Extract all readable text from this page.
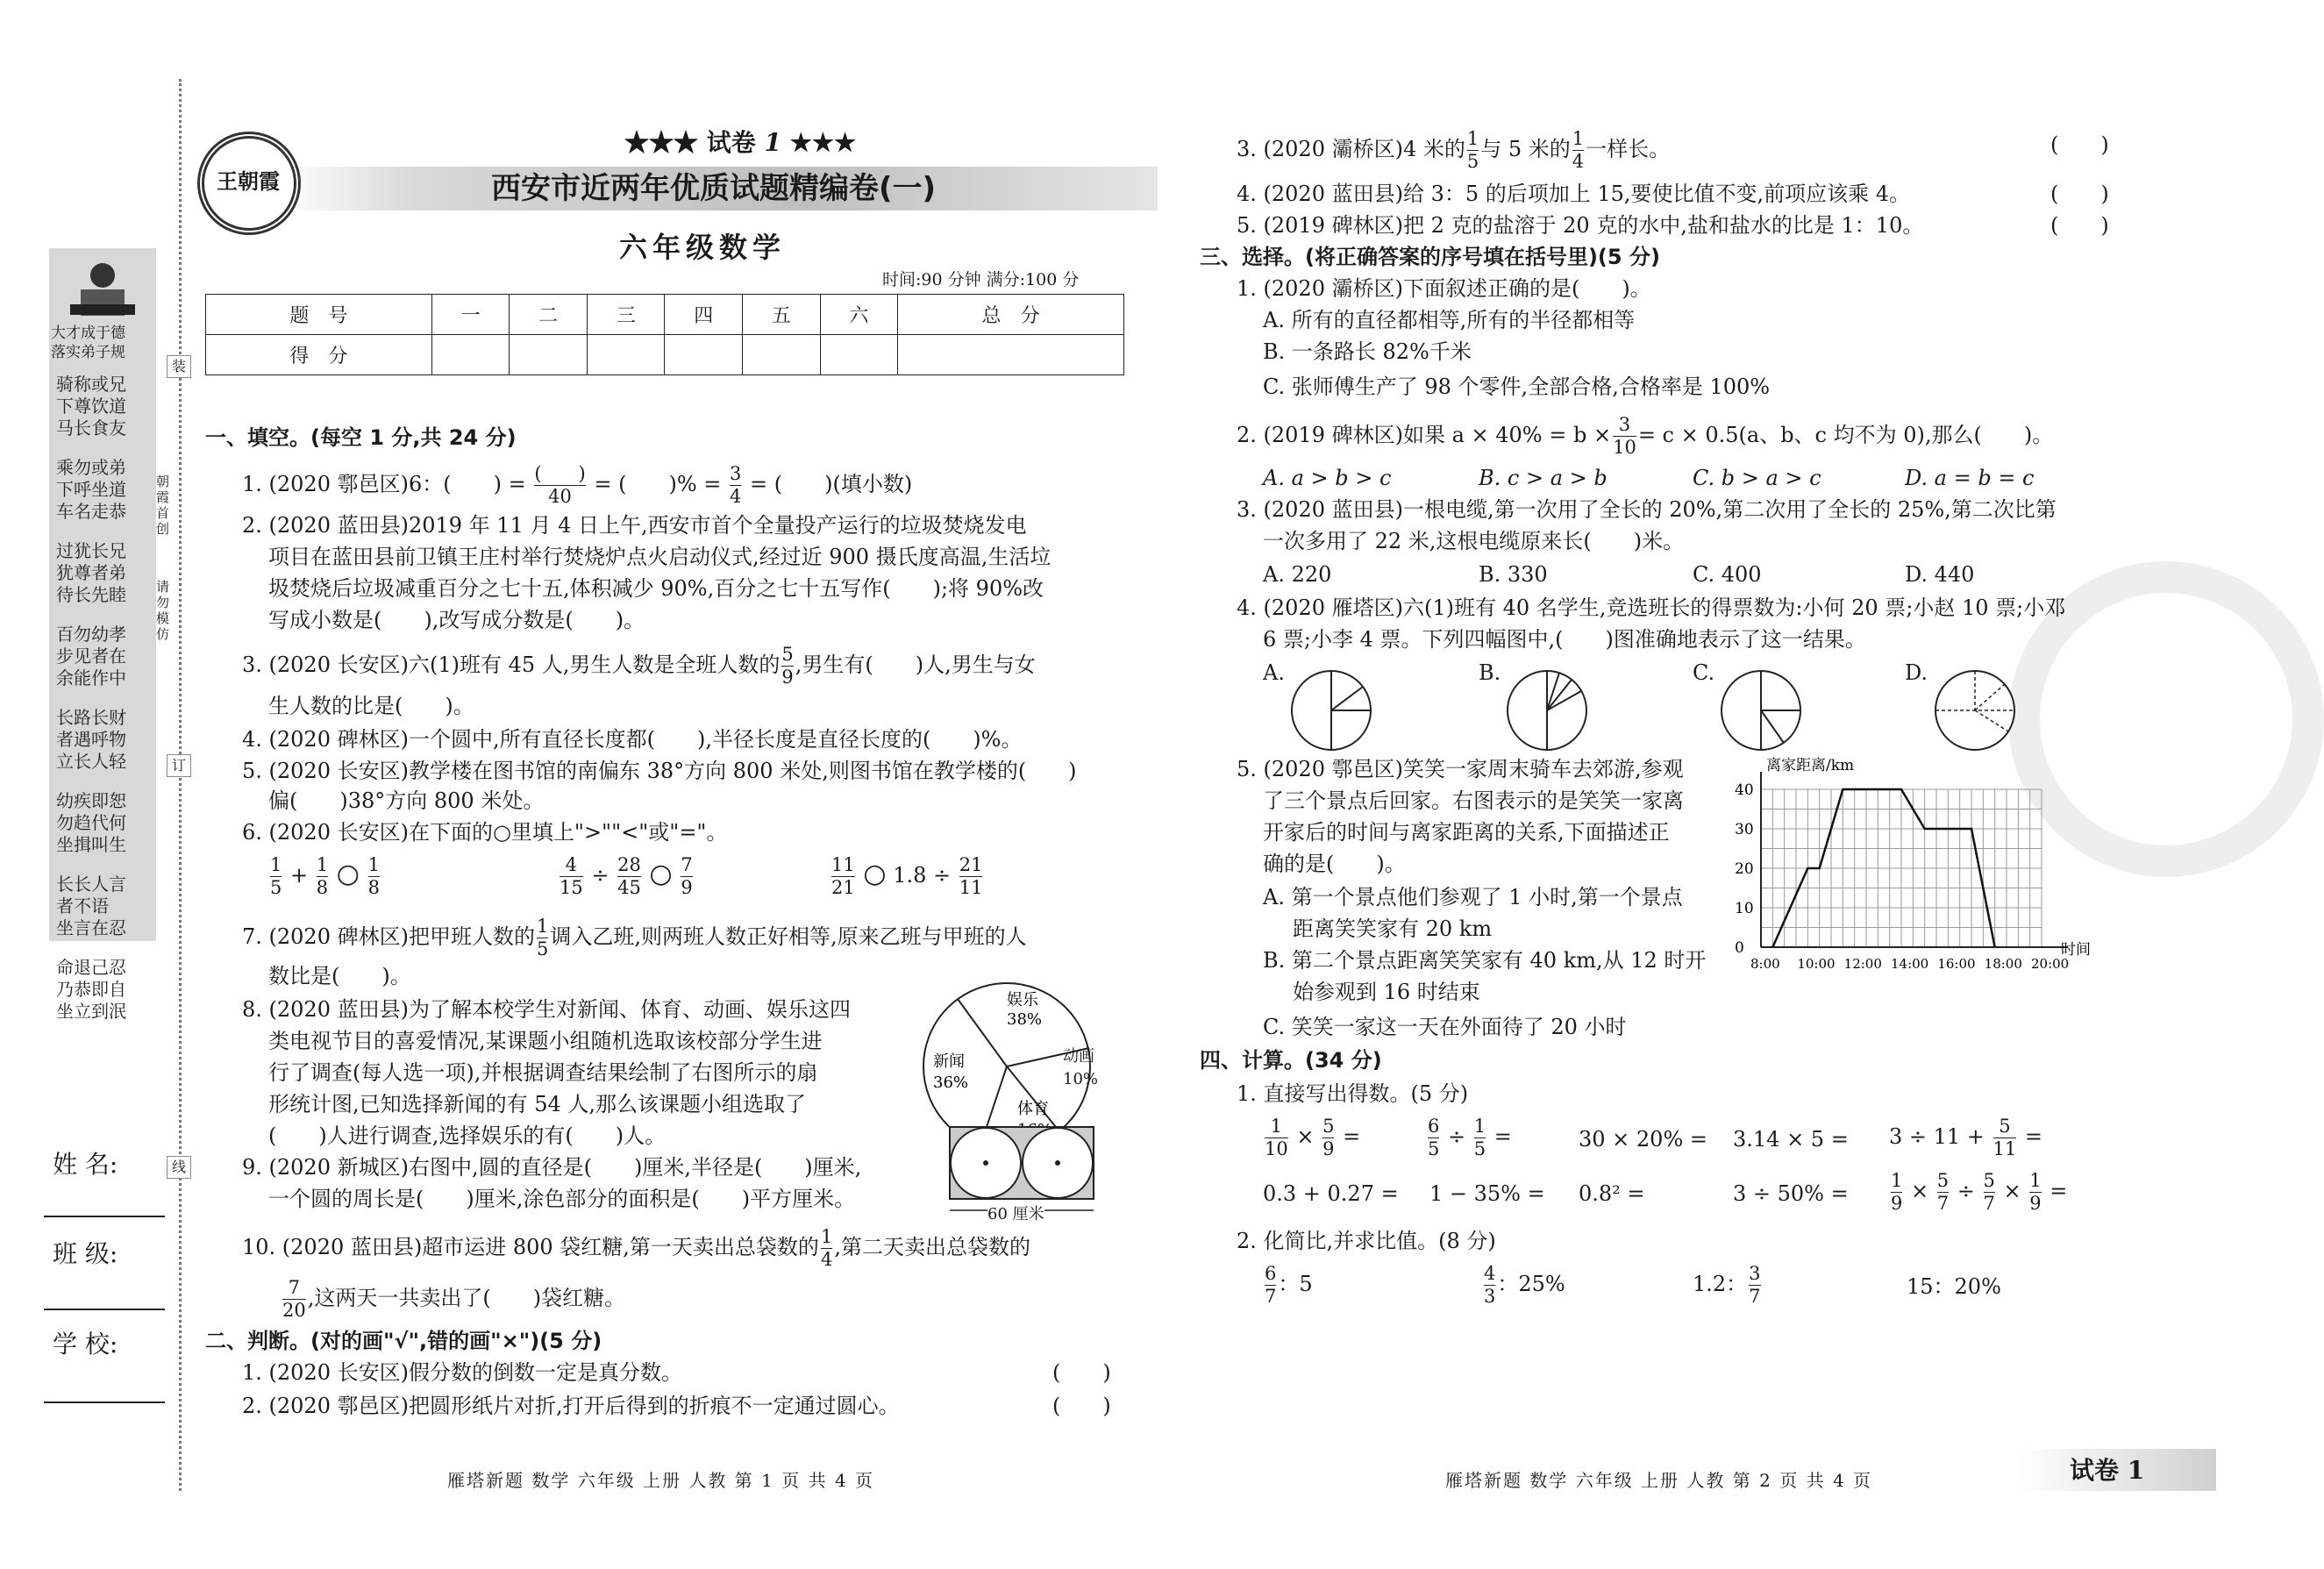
大才成于德
落实弟子规
骑称或兄
下尊饮道
马长食友
乘勿或弟
下呼坐道
车名走恭
过犹长兄
犹尊者弟
待长先睦
百勿幼孝
步见者在
余能作中
长路长财
者遇呼物
立长人轻
幼疾即恕
勿趋代何
坐揖叫生
长长人言
者不语
坐言在忍
命退己忍
乃恭即自
坐立到泯
装
订
线
朝霞首创
请勿模仿
姓 名:
班 级:
学 校:
王朝霞
★★★ 试卷 1 ★★★
西安市近两年优质试题精编卷(一)
六年级数学
时间:90 分钟 满分:100 分
题　号	一	二	三	四	五	六	总　分
得　分							
一、填空。(每空 1 分,共 24 分)
1. (2020 鄠邑区)6：(　　) = $\frac{( )}{40}$ = (　　)% = $\frac{3}{4}$ = (　　)(填小数)
2. (2020 蓝田县)2019 年 11 月 4 日上午,西安市首个全量投产运行的垃圾焚烧发电
项目在蓝田县前卫镇王庄村举行焚烧炉点火启动仪式,经过近 900 摄氏度高温,生活垃
圾焚烧后垃圾减重百分之七十五,体积减少 90%,百分之七十五写作(　　);将 90%改
写成小数是(　　),改写成分数是(　　)。
3. (2020 长安区)六(1)班有 45 人,男生人数是全班人数的 $\frac{5}{9}$ ,男生有(　　)人,男生与女
生人数的比是(　　)。
4. (2020 碑林区)一个圆中,所有直径长度都(　　),半径长度是直径长度的(　　)%。
5. (2020 长安区)教学楼在图书馆的南偏东 38°方向 800 米处,则图书馆在教学楼的(　　)
偏(　　)38°方向 800 米处。
6. (2020 长安区)在下面的○里填上">""<"或"="。
$\frac{1}{5} + \frac{1}{8}$ ○ $\frac{1}{8}$	$\frac{4}{15} \div \frac{28}{45}$ ○ $\frac{7}{9}$	$\frac{11}{21}$ ○ $1.8 \div \frac{21}{11}$
7. (2020 碑林区)把甲班人数的 $\frac{1}{5}$ 调入乙班,则两班人数正好相等,原来乙班与甲班的人
数比是(　　)。
8. (2020 蓝田县)为了解本校学生对新闻、体育、动画、娱乐这四
类电视节目的喜爱情况,某课题小组随机选取该校部分学生进
行了调查(每人选一项),并根据调查结果绘制了右图所示的扇
形统计图,已知选择新闻的有 54 人,那么该课题小组选取了
(　　)人进行调查,选择娱乐的有(　　)人。
娱乐
38%
新闻
36%
体育
动画
10%
9. (2020 新城区)右图中,圆的直径是(　　)厘米,半径是(　　)厘米,
一个圆的周长是(　　)厘米,涂色部分的面积是(　　)平方厘米。
60 厘米
10. (2020 蓝田县)超市运进 800 袋红糖,第一天卖出总袋数的 $\frac{1}{4}$ ,第二天卖出总袋数的
$\frac{7}{20}$ ,这两天一共卖出了(　　)袋红糖。
二、判断。(对的画"√",错的画"×")(5 分)
1. (2020 长安区)假分数的倒数一定是真分数。	(　　)
2. (2020 鄠邑区)把圆形纸片对折,打开后得到的折痕不一定通过圆心。	(　　)
雁塔新题 数学 六年级 上册 人教 第 1 页 共 4 页
3. (2020 灞桥区)4 米的 $\frac{1}{5}$ 与 5 米的 $\frac{1}{4}$ 一样长。	(　　)
4. (2020 蓝田县)给 3：5 的后项加上 15,要使比值不变,前项应该乘 4。	(　　)
5. (2019 碑林区)把 2 克的盐溶于 20 克的水中,盐和盐水的比是 1：10。	(　　)
三、选择。(将正确答案的序号填在括号里)(5 分)
1. (2020 灞桥区)下面叙述正确的是(　　)。
A. 所有的直径都相等,所有的半径都相等
B. 一条路长 82%千米
C. 张师傅生产了 98 个零件,全部合格,合格率是 100%
2. (2019 碑林区)如果 $a \times 40\% = b \times \frac{3}{10} = c \times 0.5(a$、b、c 均不为 0),那么(　　)。
A. a > b > c	B. c > a > b	C. b > a > c	D. a = b = c
3. (2020 蓝田县)一根电缆,第一次用了全长的 20%,第二次用了全长的 25%,第二次比第
一次多用了 22 米,这根电缆原来长(　　)米。
A. 220	B. 330	C. 400	D. 440
4. (2020 雁塔区)六(1)班有 40 名学生,竞选班长的得票数为:小何 20 票;小赵 10 票;小邓
6 票;小李 4 票。下列四幅图中,(　　)图准确地表示了这一结果。
A.	B.	C.	D.
5. (2020 鄠邑区)笑笑一家周末骑车去郊游,参观
了三个景点后回家。右图表示的是笑笑一家离
开家后的时间与离家距离的关系,下面描述正
确的是(　　)。
A. 第一个景点他们参观了 1 小时,第一个景点
距离笑笑家有 20 km
B. 第二个景点距离笑笑家有 40 km,从 12 时开
始参观到 16 时结束
C. 笑笑一家这一天在外面待了 20 小时
0
10
20
30
40
8:00 10:00 12:00 14:00 16:00 18:00 20:00
离家距离/km
时间
四、计算。(34 分)
1. 直接写出得数。(5 分)
$\frac{1}{10} \times \frac{5}{9}$ =	$\frac{6}{5} \div \frac{1}{5}$ =	$30 \times 20\% = 3.14 \times 5 = 3 \div 11 + \frac{5}{11}$ =
0.3 + 0.27 = 1 − 35% = 0.8² =	$3 \div 50\% = \frac{1}{9} \times \frac{5}{7} \div \frac{5}{7} \times \frac{1}{9}$ =
2. 化简比,并求比值。(8 分)
$\frac{6}{7}$ ：5	$\frac{4}{3}$ ：25%	1.2： $\frac{3}{7}$	15：20%
雁塔新题 数学 六年级 上册 人教 第 2 页 共 4 页	试卷 1
